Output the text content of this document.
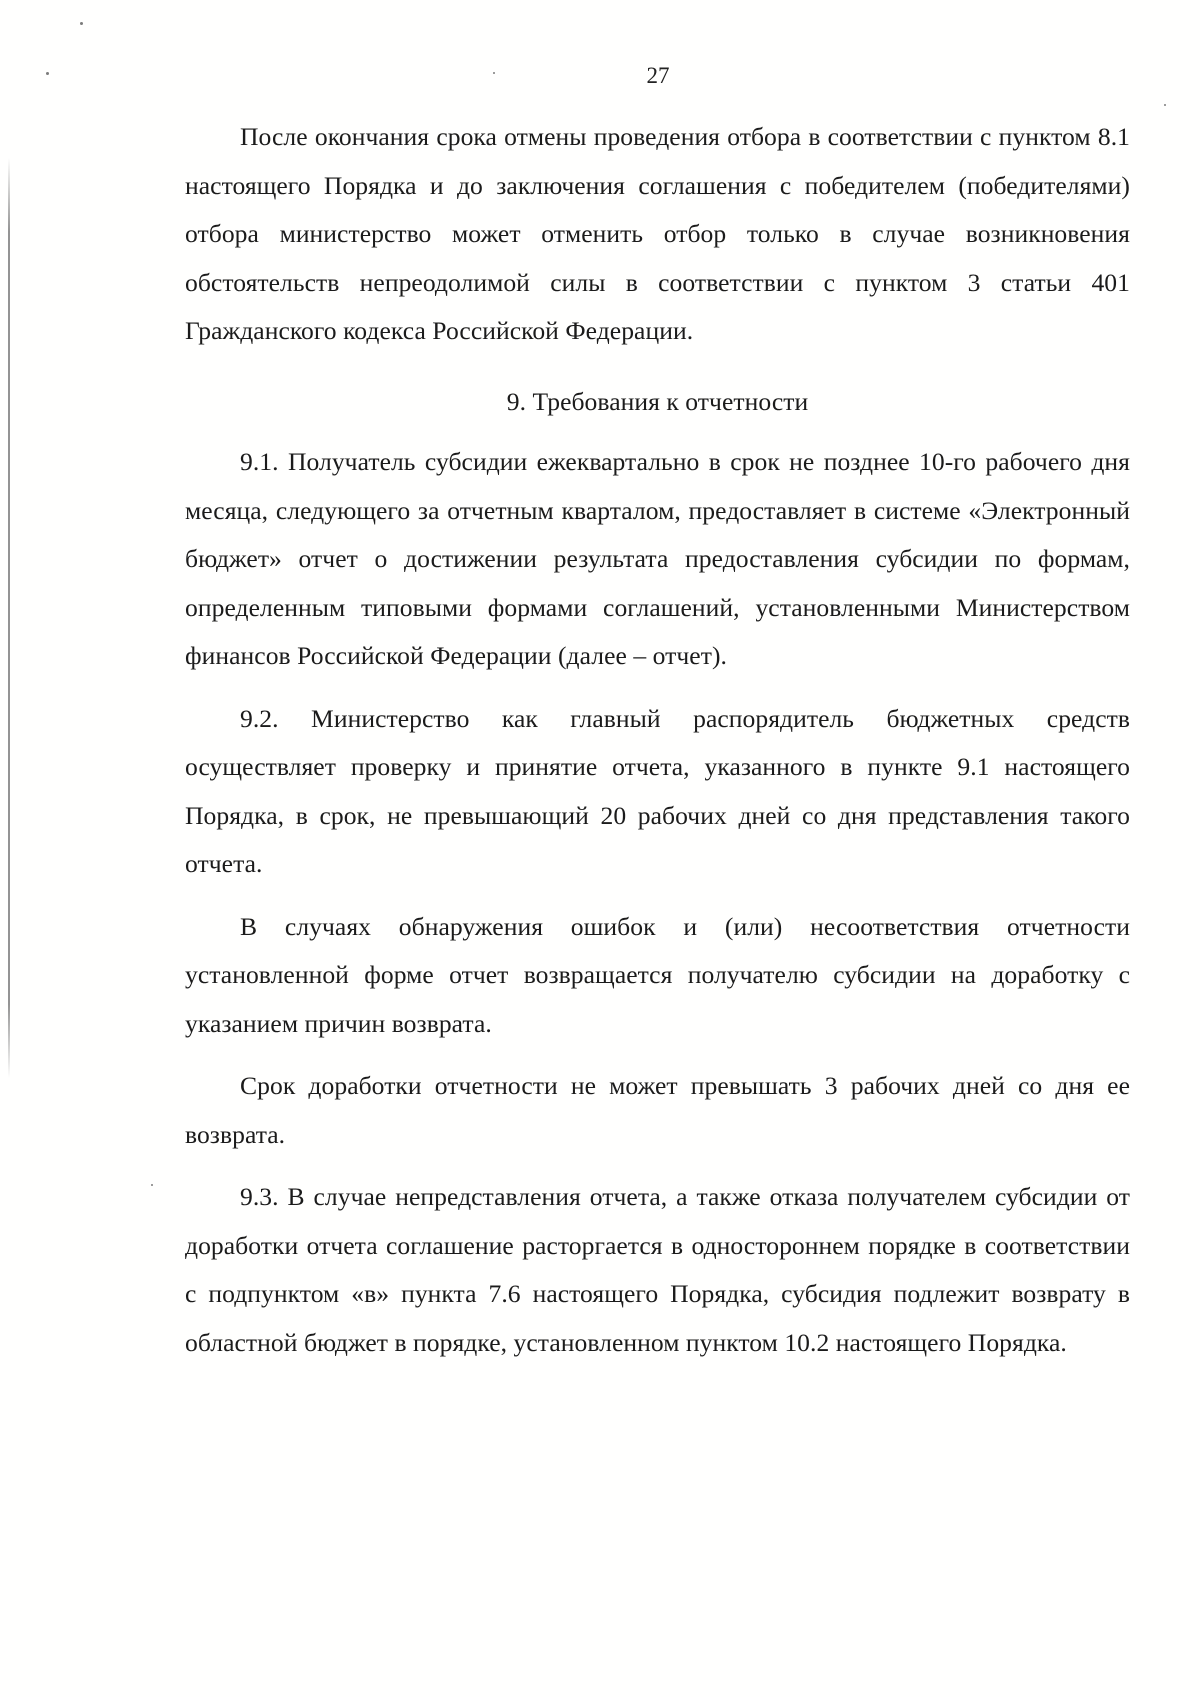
27

После окончания срока отмены проведения отбора в соответствии с пунктом 8.1 настоящего Порядка и до заключения соглашения с победителем (победителями) отбора министерство может отменить отбор только в случае возникновения обстоятельств непреодолимой силы в соответствии с пунктом 3 статьи 401 Гражданского кодекса Российской Федерации.

9. Требования к отчетности

9.1. Получатель субсидии ежеквартально в срок не позднее 10-го рабочего дня месяца, следующего за отчетным кварталом, предоставляет в системе «Электронный бюджет» отчет о достижении результата предоставления субсидии по формам, определенным типовыми формами соглашений, установленными Министерством финансов Российской Федерации (далее – отчет).

9.2. Министерство как главный распорядитель бюджетных средств осуществляет проверку и принятие отчета, указанного в пункте 9.1 настоящего Порядка, в срок, не превышающий 20 рабочих дней со дня представления такого отчета.

В случаях обнаружения ошибок и (или) несоответствия отчетности установленной форме отчет возвращается получателю субсидии на доработку с указанием причин возврата.

Срок доработки отчетности не может превышать 3 рабочих дней со дня ее возврата.

9.3. В случае непредставления отчета, а также отказа получателем субсидии от доработки отчета соглашение расторгается в одностороннем порядке в соответствии с подпунктом «в» пункта 7.6 настоящего Порядка, субсидия подлежит возврату в областной бюджет в порядке, установленном пунктом 10.2 настоящего Порядка.
